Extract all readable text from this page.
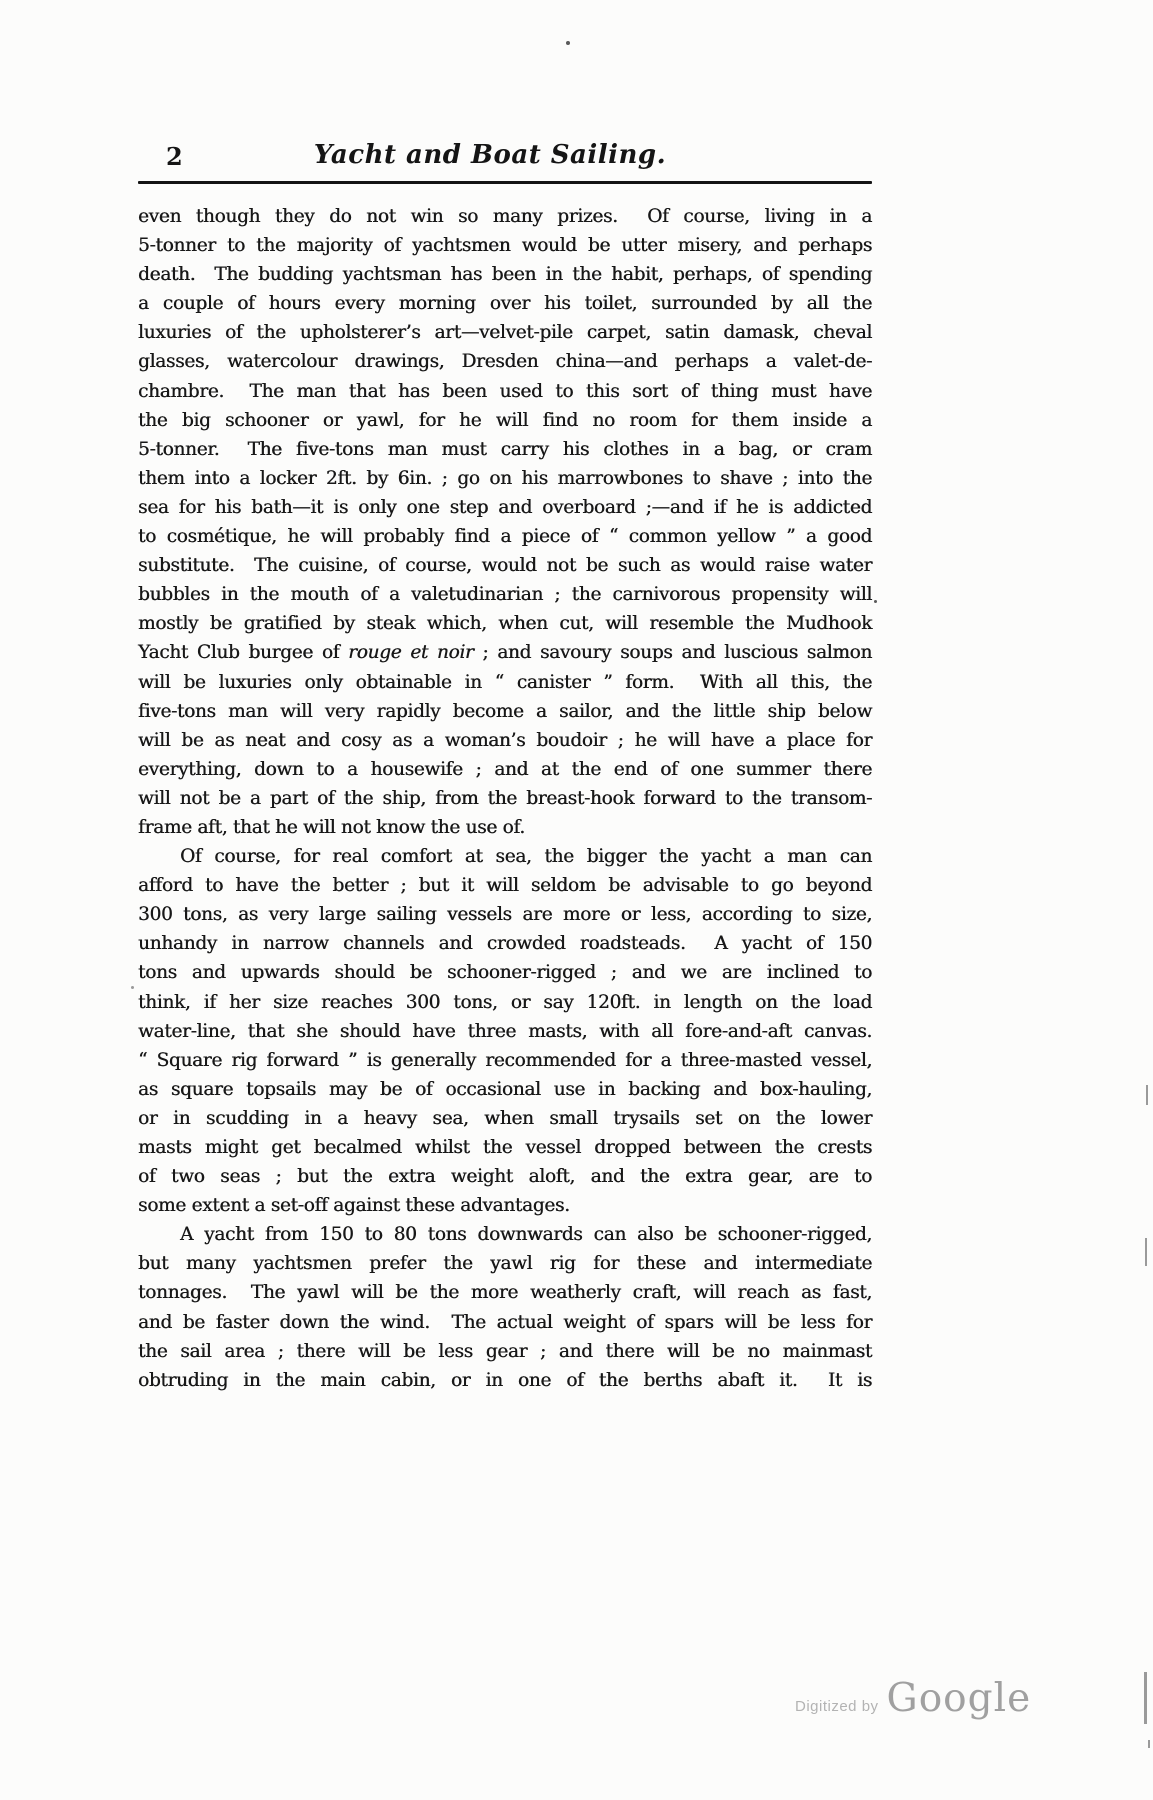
2	Yacht and Boat Sailing.
even though they do not win so many prizes.  Of course, living in a
5-tonner to the majority of yachtsmen would be utter misery, and perhaps
death.  The budding yachtsman has been in the habit, perhaps, of spending
a couple of hours every morning over his toilet, surrounded by all the
luxuries of the upholsterer’s art—velvet-pile carpet, satin damask, cheval
glasses, watercolour drawings, Dresden china—and perhaps a valet-de-
chambre.  The man that has been used to this sort of thing must have
the big schooner or yawl, for he will find no room for them inside a
5-tonner.  The five-tons man must carry his clothes in a bag, or cram
them into a locker 2ft. by 6in. ; go on his marrowbones to shave ; into the
sea for his bath—it is only one step and overboard ;—and if he is addicted
to cosmétique, he will probably find a piece of “ common yellow ” a good
substitute.  The cuisine, of course, would not be such as would raise water
bubbles in the mouth of a valetudinarian ; the carnivorous propensity will
mostly be gratified by steak which, when cut, will resemble the Mudhook
Yacht Club burgee of rouge et noir ; and savoury soups and luscious salmon
will be luxuries only obtainable in “ canister ” form.  With all this, the
five-tons man will very rapidly become a sailor, and the little ship below
will be as neat and cosy as a woman’s boudoir ; he will have a place for
everything, down to a housewife ; and at the end of one summer there
will not be a part of the ship, from the breast-hook forward to the transom-
frame aft, that he will not know the use of.
Of course, for real comfort at sea, the bigger the yacht a man can
afford to have the better ; but it will seldom be advisable to go beyond
300 tons, as very large sailing vessels are more or less, according to size,
unhandy in narrow channels and crowded roadsteads.  A yacht of 150
tons and upwards should be schooner-rigged ; and we are inclined to
think, if her size reaches 300 tons, or say 120ft. in length on the load
water-line, that she should have three masts, with all fore-and-aft canvas.
“ Square rig forward ” is generally recommended for a three-masted vessel,
as square topsails may be of occasional use in backing and box-hauling,
or in scudding in a heavy sea, when small trysails set on the lower
masts might get becalmed whilst the vessel dropped between the crests
of two seas ; but the extra weight aloft, and the extra gear, are to
some extent a set-off against these advantages.
A yacht from 150 to 80 tons downwards can also be schooner-rigged,
but many yachtsmen prefer the yawl rig for these and intermediate
tonnages.  The yawl will be the more weatherly craft, will reach as fast,
and be faster down the wind.  The actual weight of spars will be less for
the sail area ; there will be less gear ; and there will be no mainmast
obtruding in the main cabin, or in one of the berths abaft it.  It is
Digitized by Google
